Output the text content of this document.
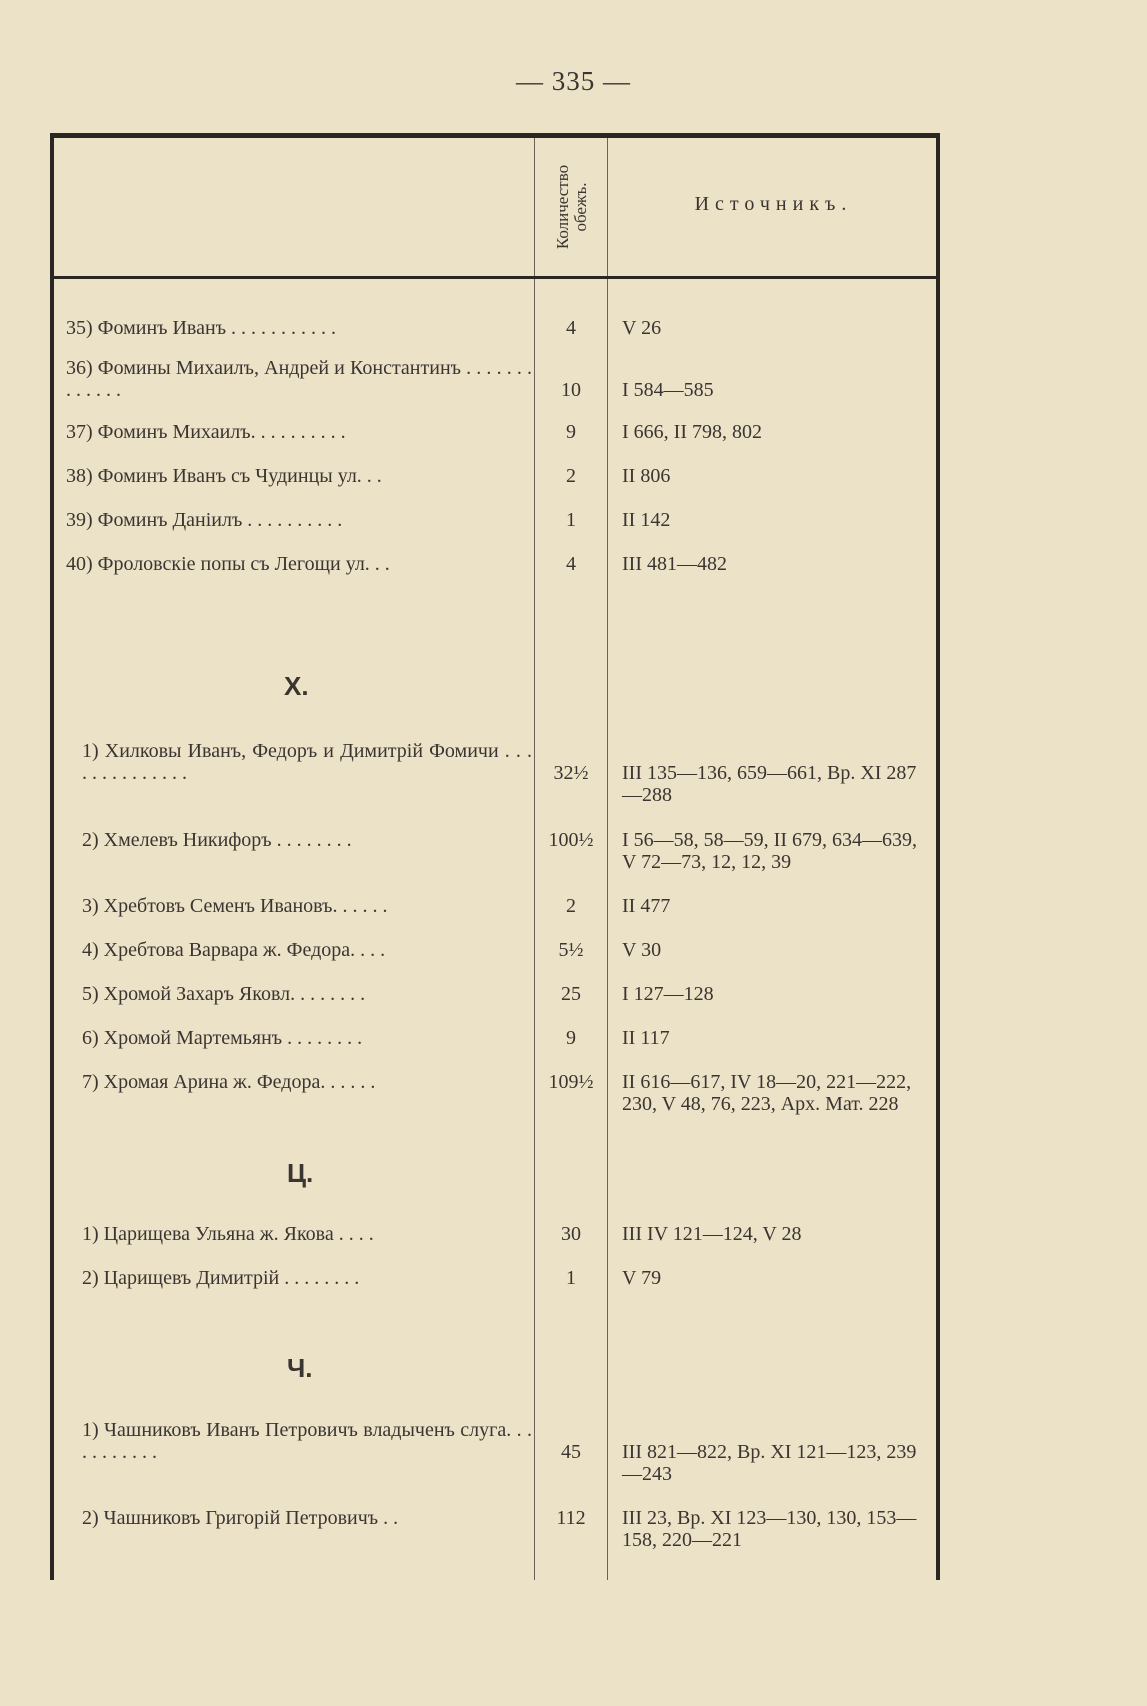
— 335 —
Количество обежъ.	Источникъ.
35) Фоминъ Иванъ . . . . . . . . . . .	4	V 26
36) Фомины Михаилъ, Андрей и Константинъ . . . . . . . . . . . . .	10	I 584—585
37) Фоминъ Михаилъ. . . . . . . . . .	9	I 666, II 798, 802
38) Фоминъ Иванъ съ Чудинцы ул. . .	2	II 806
39) Фоминъ Даніилъ . . . . . . . . . .	1	II 142
40) Фроловскіе попы съ Легощи ул. . .	4	III 481—482
X.
1) Хилковы Иванъ, Федоръ и Димитрій Фомичи . . . . . . . . . . . . . .	32½	III 135—136, 659—661, Вр. XI 287—288
2) Хмелевъ Никифоръ . . . . . . . .	100½	I 56—58, 58—59, II 679, 634—639, V 72—73, 12, 12, 39
3) Хребтовъ Семенъ Ивановъ. . . . . .	2	II 477
4) Хребтова Варвара ж. Федора. . . .	5½	V 30
5) Хромой Захаръ Яковл. . . . . . . .	25	I 127—128
6) Хромой Мартемьянъ . . . . . . . .	9	II 117
7) Хромая Арина ж. Федора. . . . . .	109½	II 616—617, IV 18—20, 221—222, 230, V 48, 76, 223, Арх. Мат. 228
Ц.
1) Царищева Ульяна ж. Якова . . . .	30	III IV 121—124, V 28
2) Царищевъ Димитрій . . . . . . . .	1	V 79
Ч.
1) Чашниковъ Иванъ Петровичъ владыченъ слуга. . . . . . . . . . .	45	III 821—822, Вр. XI 121—123, 239—243
2) Чашниковъ Григорій Петровичъ . .	112	III 23, Вр. XI 123—130, 130, 153—158, 220—221
